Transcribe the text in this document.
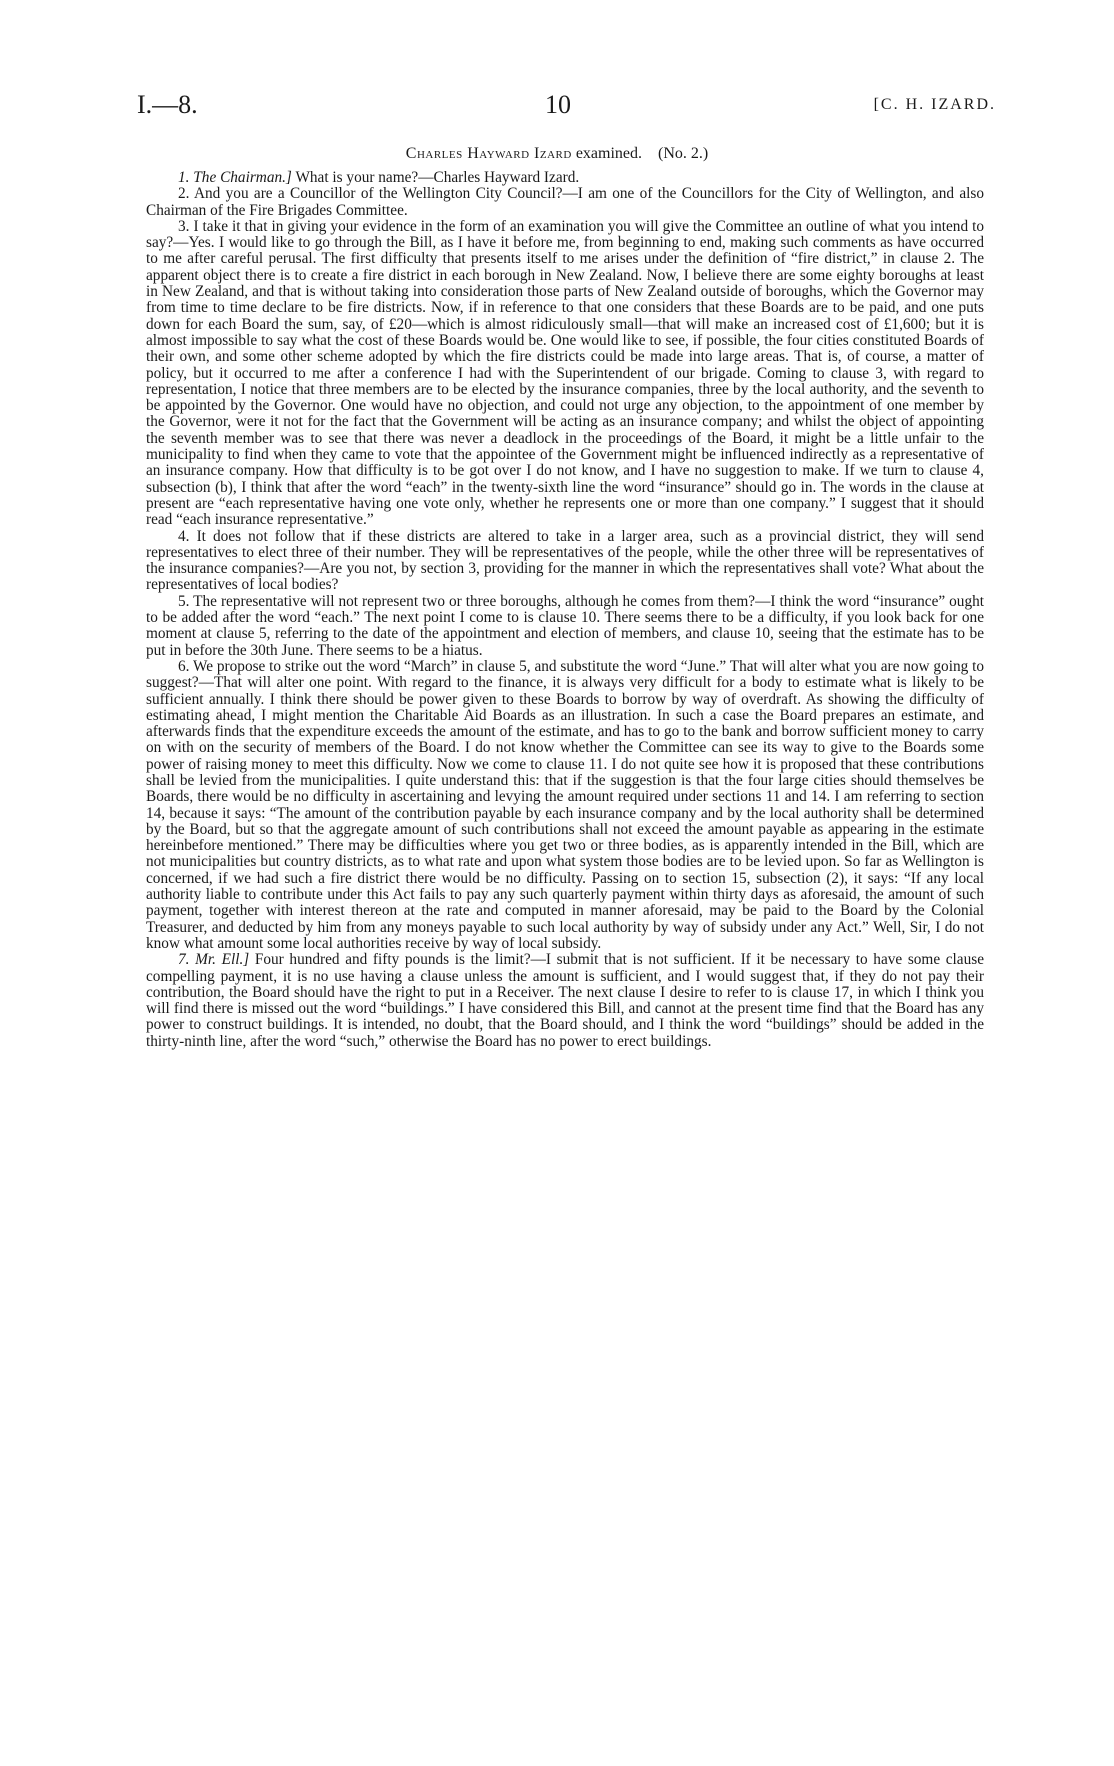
I.—8.	10	[C. H. IZARD.
Charles Hayward Izard examined. (No. 2.)

1. The Chairman.] What is your name?—Charles Hayward Izard.

2. And you are a Councillor of the Wellington City Council?—I am one of the Councillors for the City of Wellington, and also Chairman of the Fire Brigades Committee.

3. I take it that in giving your evidence in the form of an examination you will give the Committee an outline of what you intend to say?—Yes. I would like to go through the Bill, as I have it before me, from beginning to end, making such comments as have occurred to me after careful perusal. The first difficulty that presents itself to me arises under the definition of “fire district,” in clause 2. The apparent object there is to create a fire district in each borough in New Zealand. Now, I believe there are some eighty boroughs at least in New Zealand, and that is without taking into consideration those parts of New Zealand outside of boroughs, which the Governor may from time to time declare to be fire districts. Now, if in reference to that one considers that these Boards are to be paid, and one puts down for each Board the sum, say, of £20—which is almost ridiculously small—that will make an increased cost of £1,600; but it is almost impossible to say what the cost of these Boards would be. One would like to see, if possible, the four cities constituted Boards of their own, and some other scheme adopted by which the fire districts could be made into large areas. That is, of course, a matter of policy, but it occurred to me after a conference I had with the Superintendent of our brigade. Coming to clause 3, with regard to representation, I notice that three members are to be elected by the insurance companies, three by the local authority, and the seventh to be appointed by the Governor. One would have no objection, and could not urge any objection, to the appointment of one member by the Governor, were it not for the fact that the Government will be acting as an insurance company; and whilst the object of appointing the seventh member was to see that there was never a deadlock in the proceedings of the Board, it might be a little unfair to the municipality to find when they came to vote that the appointee of the Government might be influenced indirectly as a representative of an insurance company. How that difficulty is to be got over I do not know, and I have no suggestion to make. If we turn to clause 4, subsection (b), I think that after the word “each” in the twenty-sixth line the word “insurance” should go in. The words in the clause at present are “each representative having one vote only, whether he represents one or more than one company.” I suggest that it should read “each insurance representative.”

4. It does not follow that if these districts are altered to take in a larger area, such as a provincial district, they will send representatives to elect three of their number. They will be representatives of the people, while the other three will be representatives of the insurance companies?—Are you not, by section 3, providing for the manner in which the representatives shall vote? What about the representatives of local bodies?

5. The representative will not represent two or three boroughs, although he comes from them?—I think the word “insurance” ought to be added after the word “each.” The next point I come to is clause 10. There seems there to be a difficulty, if you look back for one moment at clause 5, referring to the date of the appointment and election of members, and clause 10, seeing that the estimate has to be put in before the 30th June. There seems to be a hiatus.

6. We propose to strike out the word “March” in clause 5, and substitute the word “June.” That will alter what you are now going to suggest?—That will alter one point. With regard to the finance, it is always very difficult for a body to estimate what is likely to be sufficient annually. I think there should be power given to these Boards to borrow by way of overdraft. As showing the difficulty of estimating ahead, I might mention the Charitable Aid Boards as an illustration. In such a case the Board prepares an estimate, and afterwards finds that the expenditure exceeds the amount of the estimate, and has to go to the bank and borrow sufficient money to carry on with on the security of members of the Board. I do not know whether the Committee can see its way to give to the Boards some power of raising money to meet this difficulty. Now we come to clause 11. I do not quite see how it is proposed that these contributions shall be levied from the municipalities. I quite understand this: that if the suggestion is that the four large cities should themselves be Boards, there would be no difficulty in ascertaining and levying the amount required under sections 11 and 14. I am referring to section 14, because it says: “The amount of the contribution payable by each insurance company and by the local authority shall be determined by the Board, but so that the aggregate amount of such contributions shall not exceed the amount payable as appearing in the estimate hereinbefore mentioned.” There may be difficulties where you get two or three bodies, as is apparently intended in the Bill, which are not municipalities but country districts, as to what rate and upon what system those bodies are to be levied upon. So far as Wellington is concerned, if we had such a fire district there would be no difficulty. Passing on to section 15, subsection (2), it says: “If any local authority liable to contribute under this Act fails to pay any such quarterly payment within thirty days as aforesaid, the amount of such payment, together with interest thereon at the rate and computed in manner aforesaid, may be paid to the Board by the Colonial Treasurer, and deducted by him from any moneys payable to such local authority by way of subsidy under any Act.” Well, Sir, I do not know what amount some local authorities receive by way of local subsidy.

7. Mr. Ell.] Four hundred and fifty pounds is the limit?—I submit that is not sufficient. If it be necessary to have some clause compelling payment, it is no use having a clause unless the amount is sufficient, and I would suggest that, if they do not pay their contribution, the Board should have the right to put in a Receiver. The next clause I desire to refer to is clause 17, in which I think you will find there is missed out the word “buildings.” I have considered this Bill, and cannot at the present time find that the Board has any power to construct buildings. It is intended, no doubt, that the Board should, and I think the word “buildings” should be added in the thirty-ninth line, after the word “such,” otherwise the Board has no power to erect buildings.
